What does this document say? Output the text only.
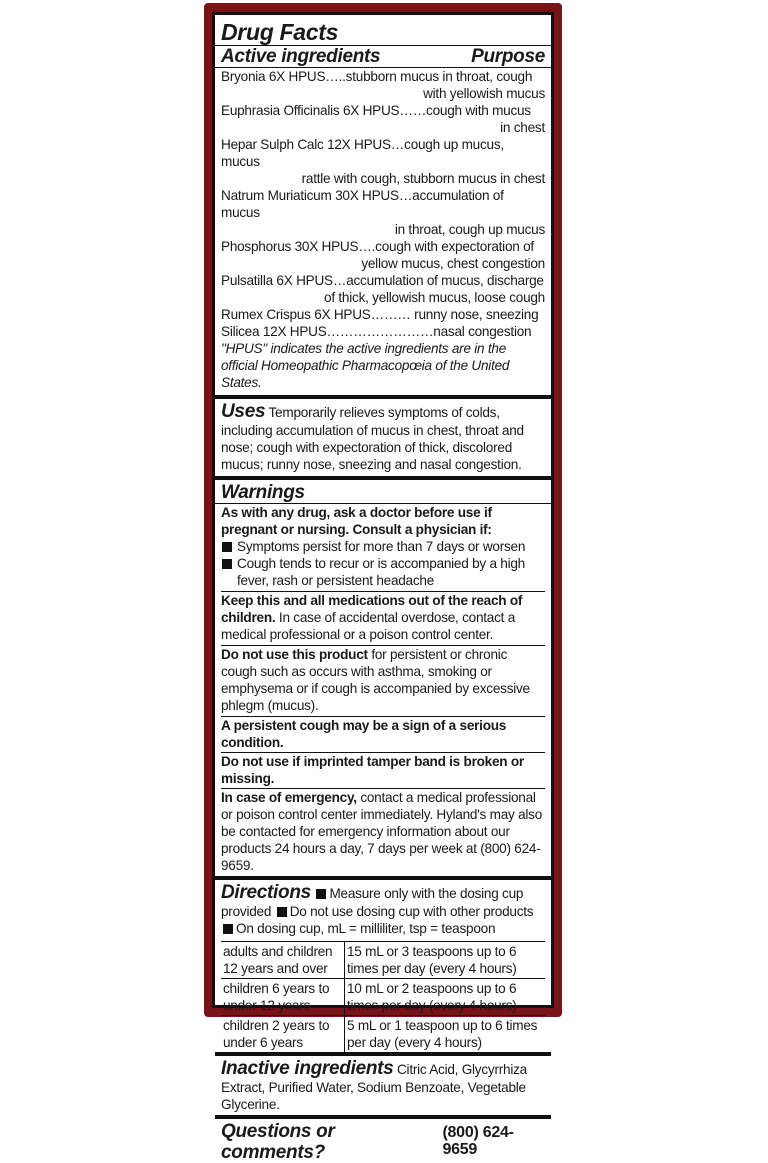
Drug Facts
Active ingredients	Purpose
Bryonia 6X HPUS…..stubborn mucus in throat, cough
with yellowish mucus
Euphrasia Officinalis 6X HPUS……cough with mucus
in chest
Hepar Sulph Calc 12X HPUS…cough up mucus, mucus
rattle with cough, stubborn mucus in chest
Natrum Muriaticum 30X HPUS…accumulation of mucus
in throat, cough up mucus
Phosphorus 30X HPUS….cough with expectoration of
yellow mucus, chest congestion
Pulsatilla 6X HPUS…accumulation of mucus, discharge
of thick, yellowish mucus, loose cough
Rumex Crispus 6X HPUS……… runny nose, sneezing
Silicea 12X HPUS……………………nasal congestion
"HPUS" indicates the active ingredients are in the official Homeopathic Pharmacopœia of the United States.
Uses Temporarily relieves symptoms of colds, including accumulation of mucus in chest, throat and nose; cough with expectoration of thick, discolored mucus; runny nose, sneezing and nasal congestion.
Warnings
As with any drug, ask a doctor before use if pregnant or nursing. Consult a physician if:
Symptoms persist for more than 7 days or worsen
Cough tends to recur or is accompanied by a high fever, rash or persistent headache
Keep this and all medications out of the reach of children. In case of accidental overdose, contact a medical professional or a poison control center.
Do not use this product for persistent or chronic cough such as occurs with asthma, smoking or emphysema or if cough is accompanied by excessive phlegm (mucus).
A persistent cough may be a sign of a serious condition.
Do not use if imprinted tamper band is broken or missing.
In case of emergency, contact a medical professional or poison control center immediately. Hyland's may also be contacted for emergency information about our products 24 hours a day, 7 days per week at (800) 624-9659.
Directions Measure only with the dosing cup provided Do not use dosing cup with other products On dosing cup, mL = milliliter, tsp = teaspoon
adults and children 12 years and over	15 mL or 3 teaspoons up to 6 times per day (every 4 hours)
children 6 years to under 12 years	10 mL or 2 teaspoons up to 6 times per day (every 4 hours)
children 2 years to under 6 years	5 mL or 1 teaspoon up to 6 times per day (every 4 hours)
Inactive ingredients Citric Acid, Glycyrrhiza Extract, Purified Water, Sodium Benzoate, Vegetable Glycerine.
Questions or comments?
(800) 624-9659
